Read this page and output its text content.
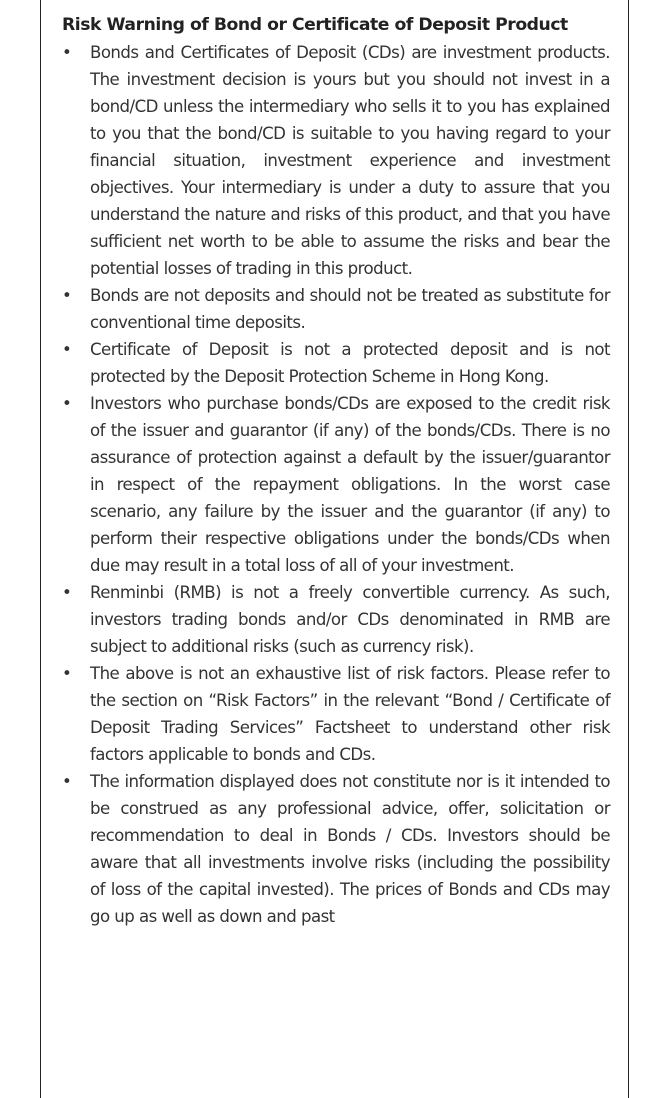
Risk Warning of Bond or Certificate of Deposit Product
• Bonds and Certificates of Deposit (CDs) are investment products. The investment decision is yours but you should not invest in a bond/CD unless the intermediary who sells it to you has explained to you that the bond/CD is suitable to you having regard to your financial situation, investment experience and investment objectives. Your intermediary is under a duty to assure that you understand the nature and risks of this product, and that you have sufficient net worth to be able to assume the risks and bear the potential losses of trading in this product.
• Bonds are not deposits and should not be treated as substitute for conventional time deposits.
• Certificate of Deposit is not a protected deposit and is not protected by the Deposit Protection Scheme in Hong Kong.
• Investors who purchase bonds/CDs are exposed to the credit risk of the issuer and guarantor (if any) of the bonds/CDs. There is no assurance of protection against a default by the issuer/guarantor in respect of the repayment obligations. In the worst case scenario, any failure by the issuer and the guarantor (if any) to perform their respective obligations under the bonds/CDs when due may result in a total loss of all of your investment.
• Renminbi (RMB) is not a freely convertible currency. As such, investors trading bonds and/or CDs denominated in RMB are subject to additional risks (such as currency risk).
• The above is not an exhaustive list of risk factors. Please refer to the section on “Risk Factors” in the relevant “Bond / Certificate of Deposit Trading Services” Factsheet to understand other risk factors applicable to bonds and CDs.
• The information displayed does not constitute nor is it intended to be construed as any professional advice, offer, solicitation or recommendation to deal in Bonds / CDs. Investors should be aware that all investments involve risks (including the possibility of loss of the capital invested). The prices of Bonds and CDs may go up as well as down and past
